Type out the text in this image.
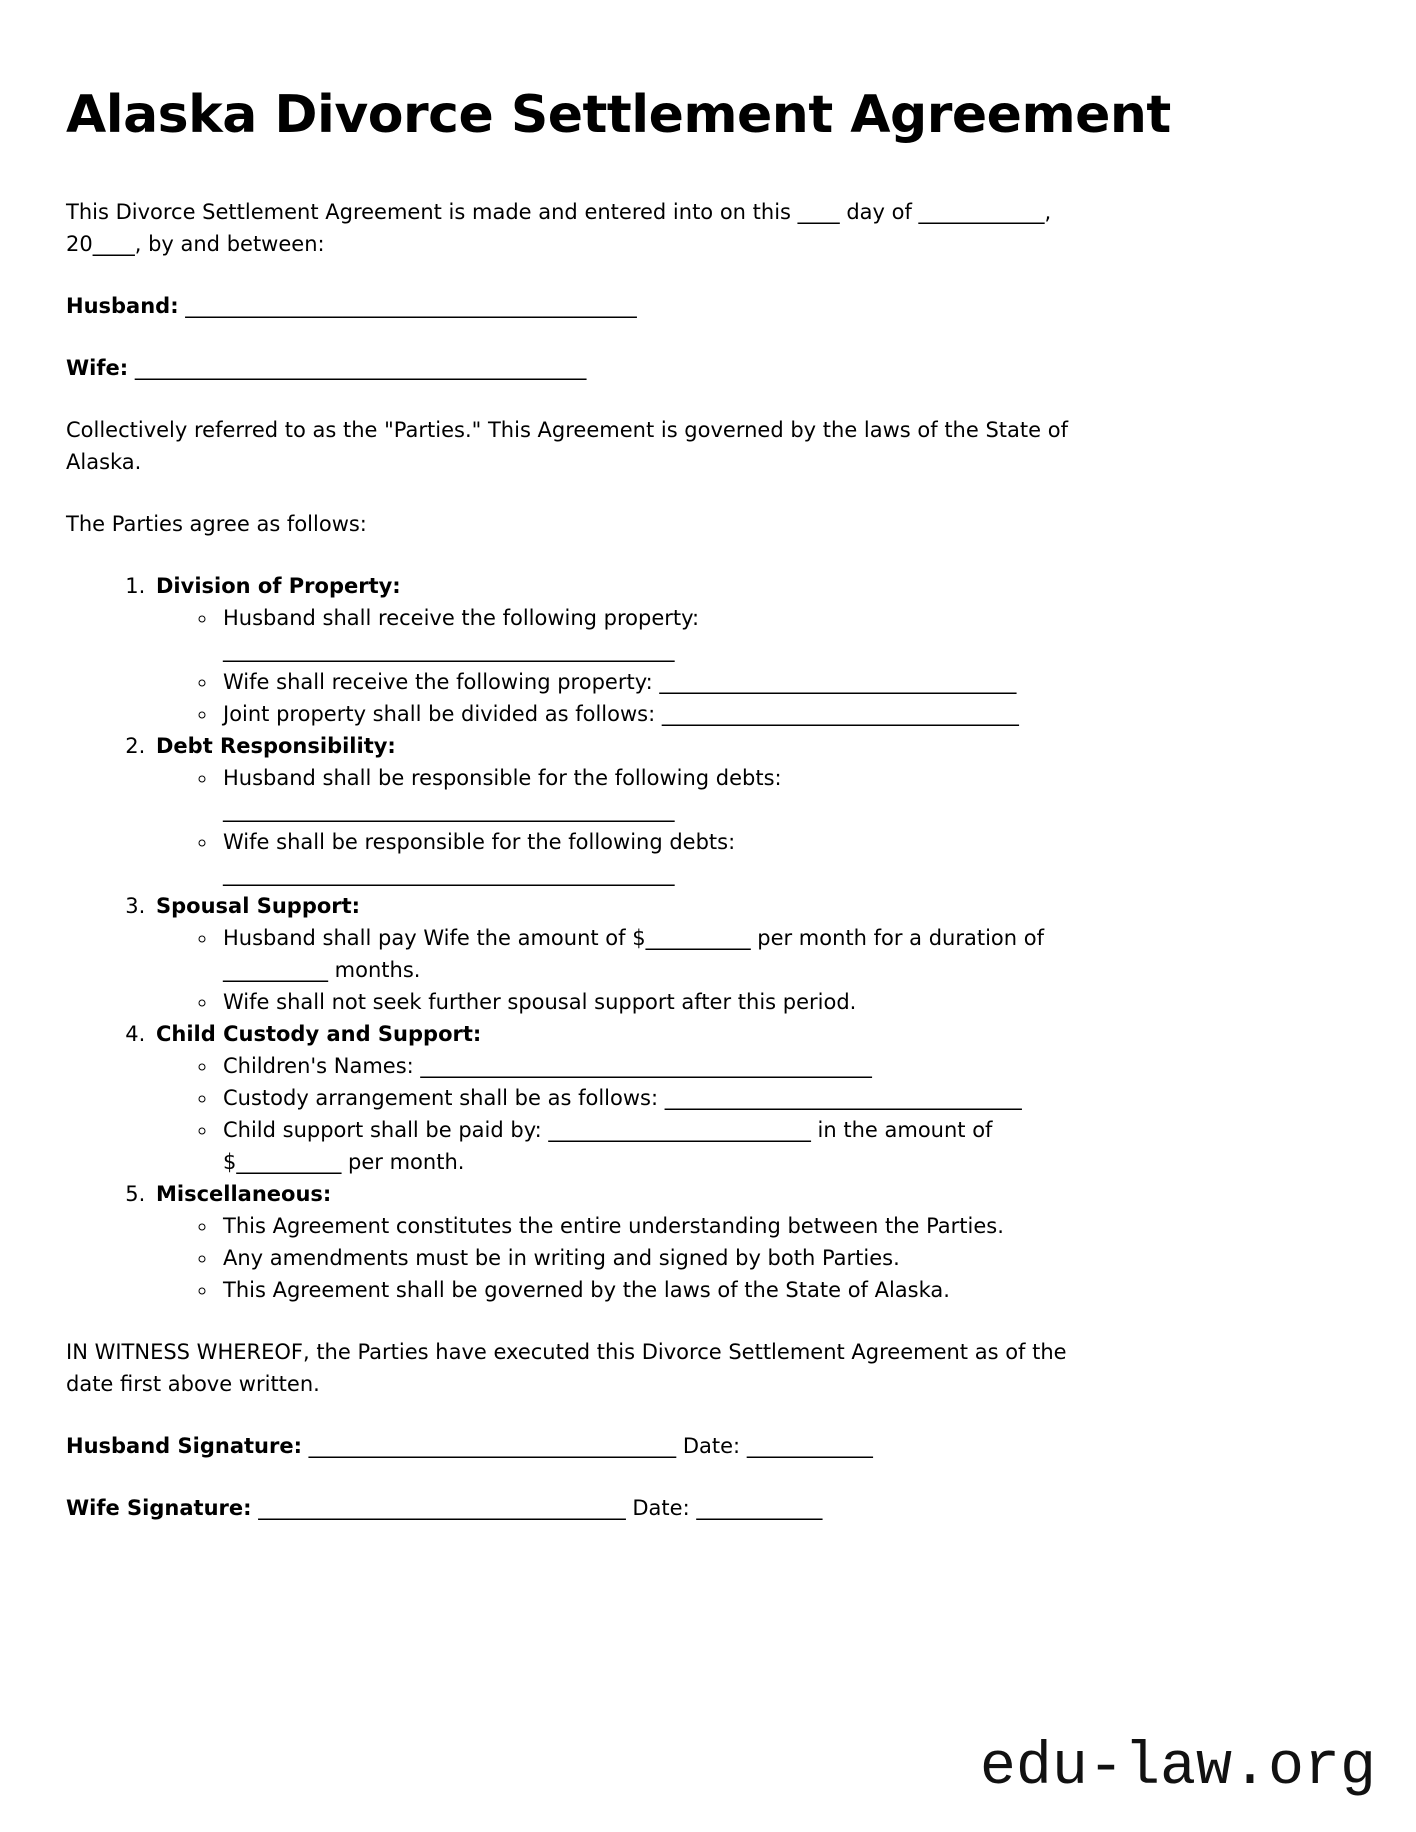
Alaska Divorce Settlement Agreement

This Divorce Settlement Agreement is made and entered into on this ____ day of ____________, 20____, by and between:

Husband: ___________________________________________

Wife: ___________________________________________

Collectively referred to as the "Parties." This Agreement is governed by the laws of the State of Alaska.

The Parties agree as follows:

1. Division of Property:
◦ Husband shall receive the following property:
___________________________________________
◦ Wife shall receive the following property: __________________________________
◦ Joint property shall be divided as follows: __________________________________
2. Debt Responsibility:
◦ Husband shall be responsible for the following debts:
___________________________________________
◦ Wife shall be responsible for the following debts:
___________________________________________
3. Spousal Support:
◦ Husband shall pay Wife the amount of $__________ per month for a duration of __________ months.
◦ Wife shall not seek further spousal support after this period.
4. Child Custody and Support:
◦ Children's Names: ___________________________________________
◦ Custody arrangement shall be as follows: __________________________________
◦ Child support shall be paid by: _________________________ in the amount of $__________ per month.
5. Miscellaneous:
◦ This Agreement constitutes the entire understanding between the Parties.
◦ Any amendments must be in writing and signed by both Parties.
◦ This Agreement shall be governed by the laws of the State of Alaska.

IN WITNESS WHEREOF, the Parties have executed this Divorce Settlement Agreement as of the date first above written.

Husband Signature: ___________________________________ Date: ____________

Wife Signature: ___________________________________ Date: ____________

edu-law.org
